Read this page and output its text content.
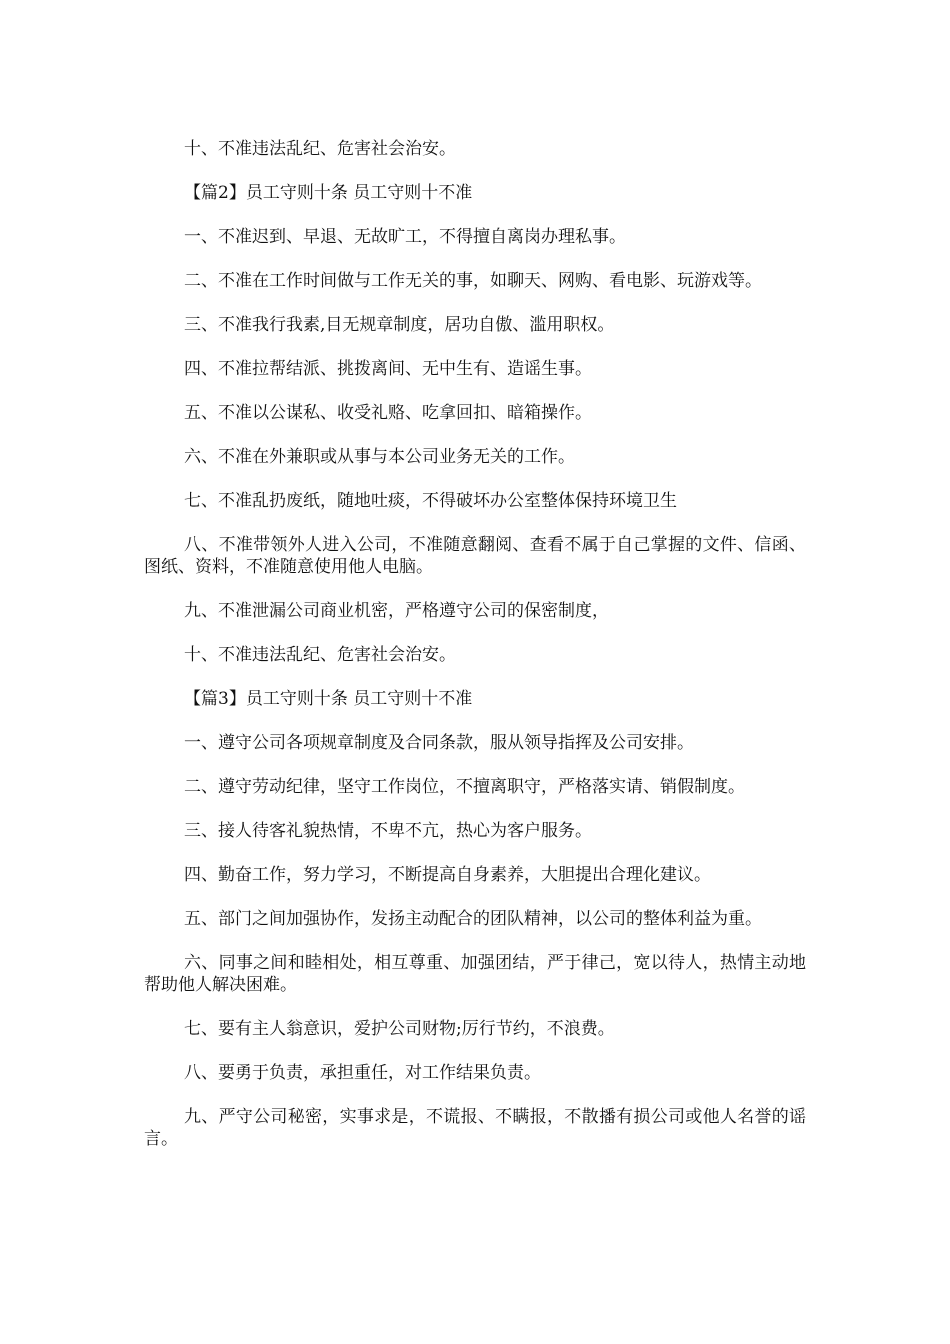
十、不准违法乱纪、危害社会治安。

【篇2】员工守则十条 员工守则十不准

一、不准迟到、早退、无故旷工，不得擅自离岗办理私事。

二、不准在工作时间做与工作无关的事，如聊天、网购、看电影、玩游戏等。

三、不准我行我素,目无规章制度，居功自傲、滥用职权。

四、不准拉帮结派、挑拨离间、无中生有、造谣生事。

五、不准以公谋私、收受礼赂、吃拿回扣、暗箱操作。

六、不准在外兼职或从事与本公司业务无关的工作。

七、不准乱扔废纸，随地吐痰，不得破坏办公室整体保持环境卫生

八、不准带领外人进入公司，不准随意翻阅、查看不属于自己掌握的文件、信函、图纸、资料，不准随意使用他人电脑。

九、不准泄漏公司商业机密，严格遵守公司的保密制度，

十、不准违法乱纪、危害社会治安。

【篇3】员工守则十条 员工守则十不准

一、遵守公司各项规章制度及合同条款，服从领导指挥及公司安排。

二、遵守劳动纪律，坚守工作岗位，不擅离职守，严格落实请、销假制度。

三、接人待客礼貌热情，不卑不亢，热心为客户服务。

四、勤奋工作，努力学习，不断提高自身素养，大胆提出合理化建议。

五、部门之间加强协作，发扬主动配合的团队精神，以公司的整体利益为重。

六、同事之间和睦相处，相互尊重、加强团结，严于律己，宽以待人，热情主动地帮助他人解决困难。

七、要有主人翁意识，爱护公司财物;厉行节约，不浪费。

八、要勇于负责，承担重任，对工作结果负责。

九、严守公司秘密，实事求是，不谎报、不瞒报，不散播有损公司或他人名誉的谣言。
